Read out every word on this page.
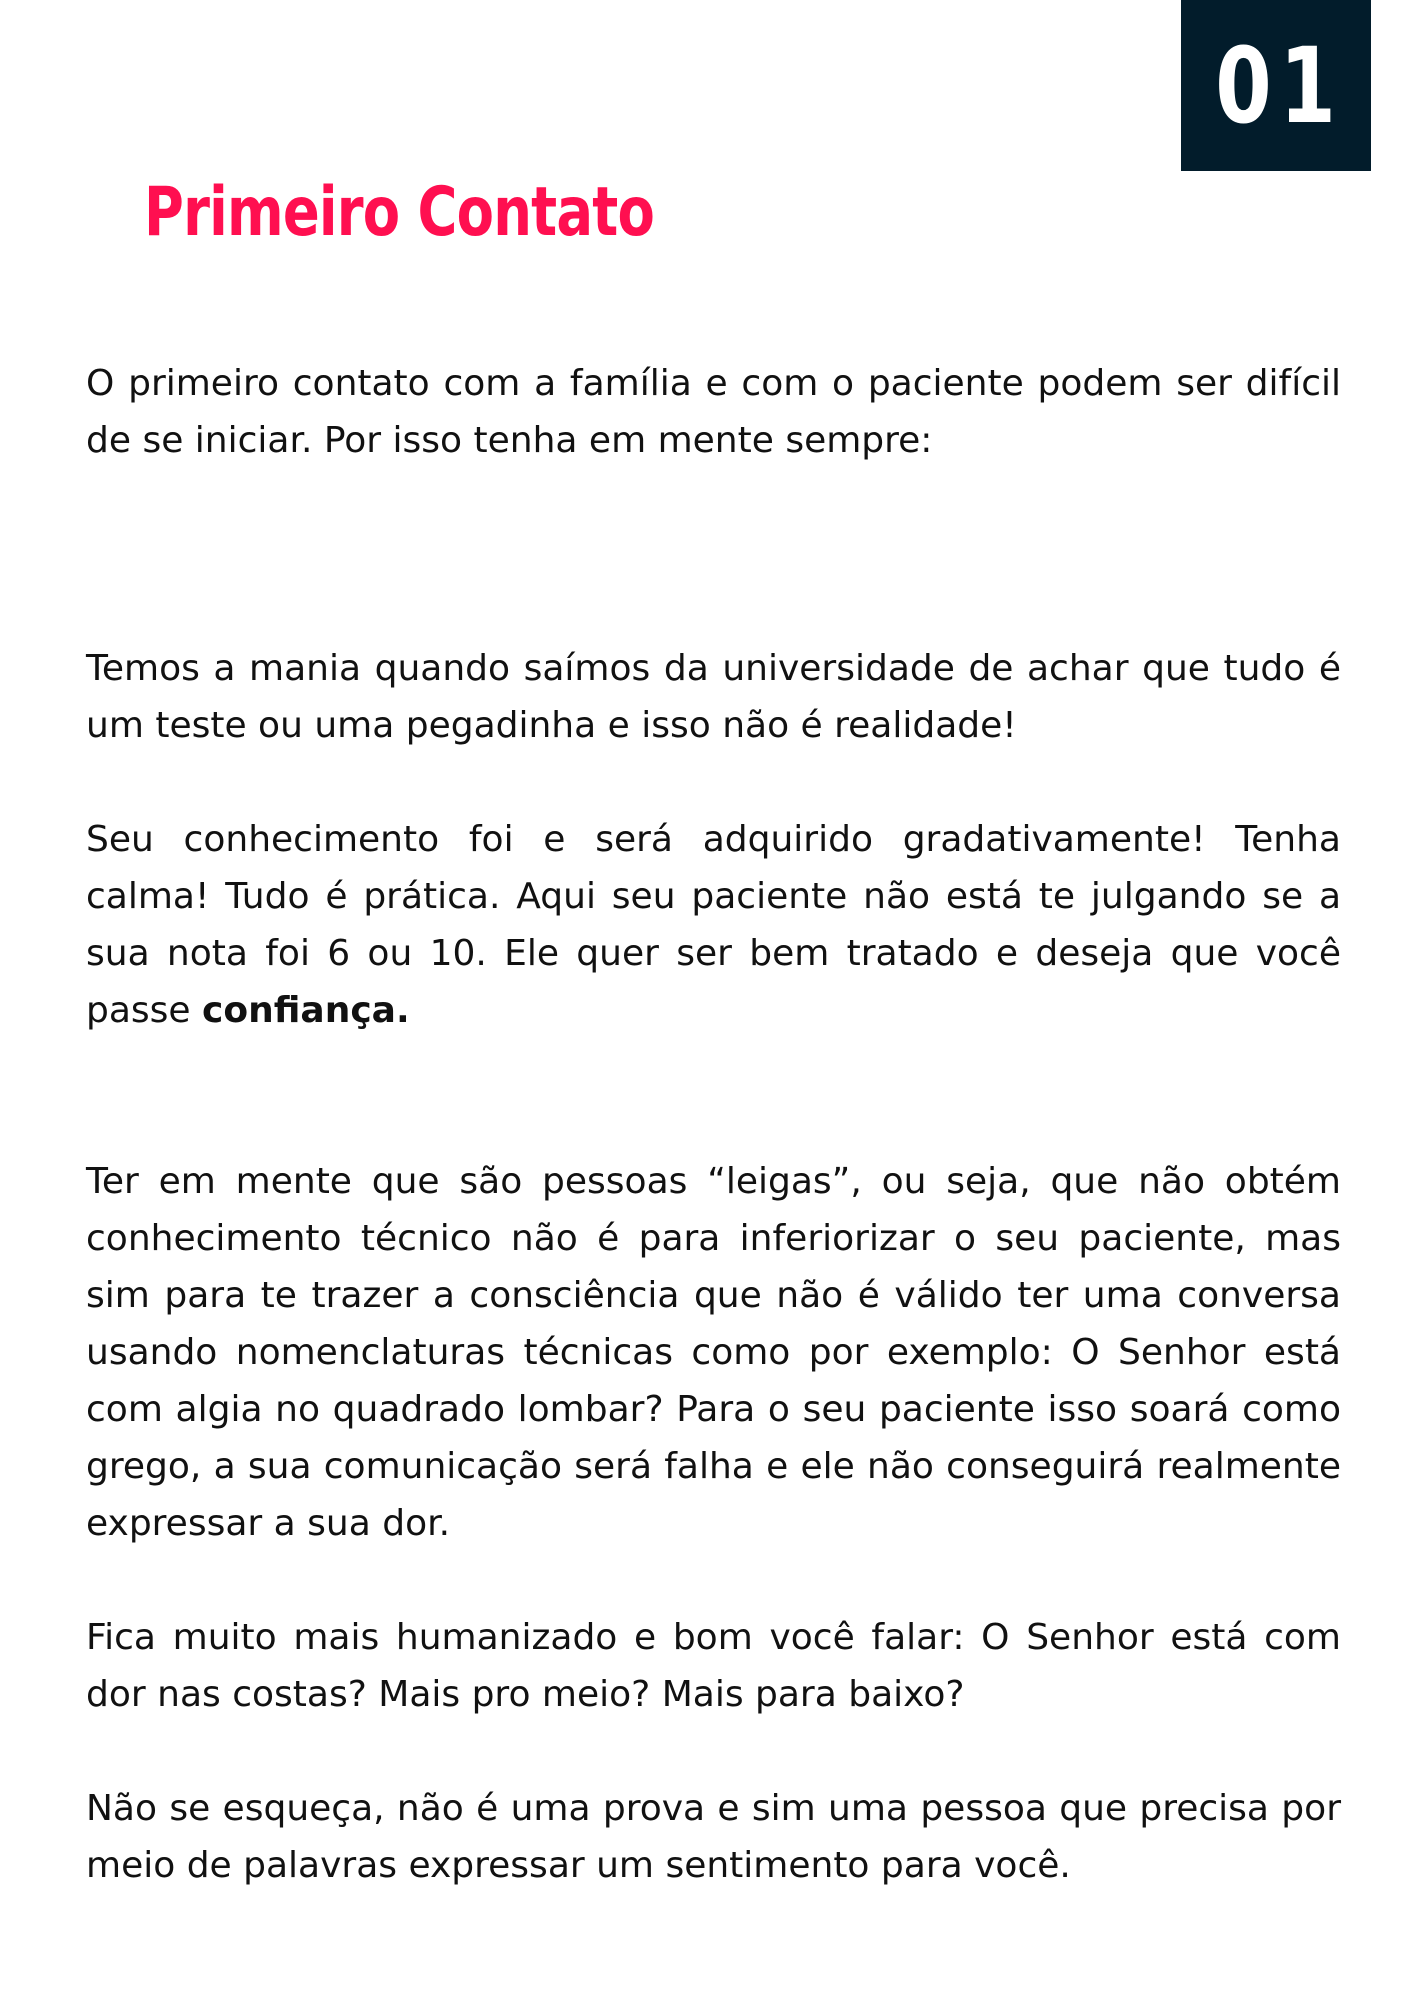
01
Primeiro Contato

O primeiro contato com a família e com o paciente podem ser difícil de se iniciar. Por isso tenha em mente sempre:

Temos a mania quando saímos da universidade de achar que tudo é um teste ou uma pegadinha e isso não é realidade!

Seu conhecimento foi e será adquirido gradativamente! Tenha calma! Tudo é prática. Aqui seu paciente não está te julgando se a sua nota foi 6 ou 10. Ele quer ser bem tratado e deseja que você passe confiança.

Ter em mente que são pessoas “leigas”, ou seja, que não obtém conhecimento técnico não é para inferiorizar o seu paciente, mas sim para te trazer a consciência que não é válido ter uma conversa usando nomenclaturas técnicas como por exemplo: O Senhor está com algia no quadrado lombar? Para o seu paciente isso soará como grego, a sua comunicação será falha e ele não conseguirá realmente expressar a sua dor.

Fica muito mais humanizado e bom você falar: O Senhor está com dor nas costas? Mais pro meio? Mais para baixo?

Não se esqueça, não é uma prova e sim uma pessoa que precisa por meio de palavras expressar um sentimento para você.
